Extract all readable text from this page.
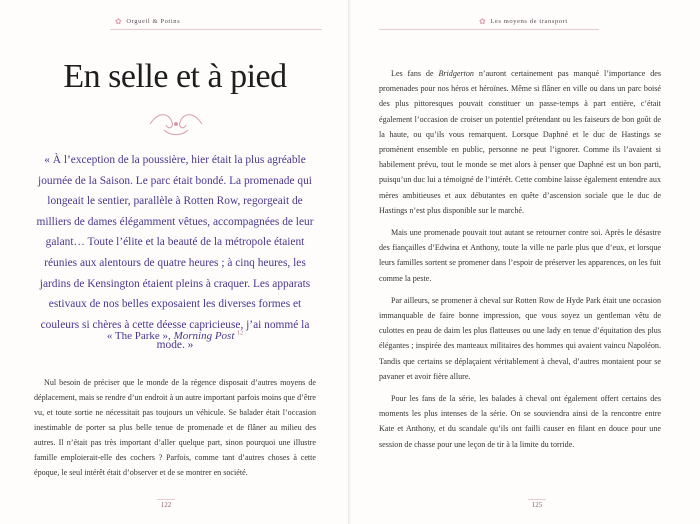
✿ Orgueil & Potins
En selle et à pied

« À l’exception de la poussière, hier était la plus agréable journée de la Saison. Le parc était bondé. La promenade qui longeait le sentier, parallèle à Rotten Row, regorgeait de milliers de dames élégamment vêtues, accompagnées de leur galant… Toute l’élite et la beauté de la métropole étaient réunies aux alentours de quatre heures ; à cinq heures, les jardins de Kensington étaient pleins à craquer. Les apparats estivaux de nos belles exposaient les diverses formes et couleurs si chères à cette déesse capricieuse, j’ai nommé la mode. »

« The Parke », Morning Post $^{12}$

Nul besoin de préciser que le monde de la régence disposait d’autres moyens de déplacement, mais se rendre d’un endroit à un autre important parfois moins que d’être vu, et toute sortie ne nécessitait pas toujours un véhicule. Se balader était l’occasion inestimable de porter sa plus belle tenue de promenade et de flâner au milieu des autres. Il n’était pas très important d’aller quelque part, sinon pourquoi une illustre famille emploierait-elle des cochers ? Parfois, comme tant d’autres choses à cette époque, le seul intérêt était d’observer et de se montrer en société.

122
✿ Les moyens de transport

Les fans de Bridgerton n’auront certainement pas manqué l’importance des promenades pour nos héros et héroïnes. Même si flâner en ville ou dans un parc boisé des plus pittoresques pouvait constituer un passe-temps à part entière, c’était également l’occasion de croiser un potentiel prétendant ou les faiseurs de bon goût de la haute, ou qu’ils vous remarquent. Lorsque Daphné et le duc de Hastings se promènent ensemble en public, personne ne peut l’ignorer. Comme ils l’avaient si habilement prévu, tout le monde se met alors à penser que Daphné est un bon parti, puisqu’un duc lui a témoigné de l’intérêt. Cette combine laisse également entendre aux mères ambitieuses et aux débutantes en quête d’ascension sociale que le duc de Hastings n’est plus disponible sur le marché.

Mais une promenade pouvait tout autant se retourner contre soi. Après le désastre des fiançailles d’Edwina et Anthony, toute la ville ne parle plus que d’eux, et lorsque leurs familles sortent se promener dans l’espoir de préserver les apparences, on les fuit comme la peste.

Par ailleurs, se promener à cheval sur Rotten Row de Hyde Park était une occasion immanquable de faire bonne impression, que vous soyez un gentleman vêtu de culottes en peau de daim les plus flatteuses ou une lady en tenue d’équitation des plus élégantes ; inspirée des manteaux militaires des hommes qui avaient vaincu Napoléon. Tandis que certains se déplaçaient véritablement à cheval, d’autres montaient pour se pavaner et avoir fière allure.

Pour les fans de la série, les balades à cheval ont également offert certains des moments les plus intenses de la série. On se souviendra ainsi de la rencontre entre Kate et Anthony, et du scandale qu’ils ont failli causer en filant en douce pour une session de chasse pour une leçon de tir à la limite du torride.

125
